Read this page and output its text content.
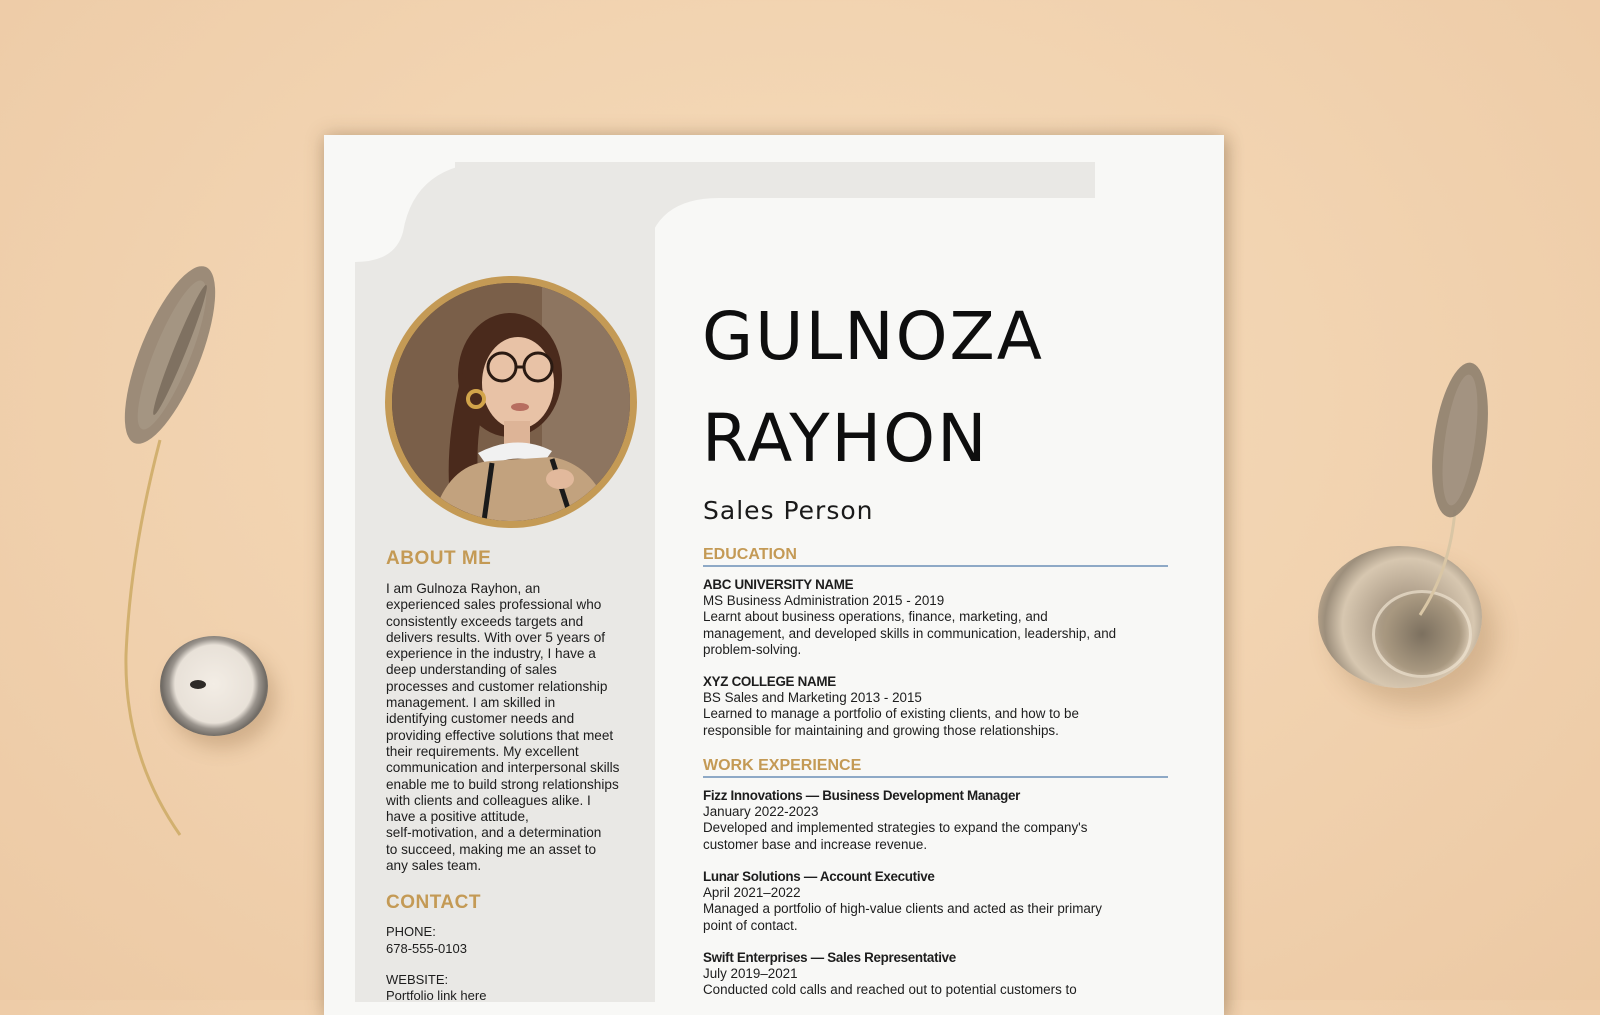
ABOUT ME
I am Gulnoza Rayhon, an
experienced sales professional who
consistently exceeds targets and
delivers results. With over 5 years of
experience in the industry, I have a
deep understanding of sales
processes and customer relationship
management. I am skilled in
identifying customer needs and
providing effective solutions that meet
their requirements. My excellent
communication and interpersonal skills
enable me to build strong relationships
with clients and colleagues alike. I
have a positive attitude,
self-motivation, and a determination
to succeed, making me an asset to
any sales team.
CONTACT
PHONE:
678-555-0103
WEBSITE:
Portfolio link here
GULNOZA
RAYHON
Sales Person
EDUCATION
ABC UNIVERSITY NAME
MS Business Administration 2015 - 2019
Learnt about business operations, finance, marketing, and
management, and developed skills in communication, leadership, and
problem-solving.
XYZ COLLEGE NAME
BS Sales and Marketing 2013 - 2015
Learned to manage a portfolio of existing clients, and how to be
responsible for maintaining and growing those relationships.
WORK EXPERIENCE
Fizz Innovations — Business Development Manager
January 2022-2023
Developed and implemented strategies to expand the company's
customer base and increase revenue.
Lunar Solutions — Account Executive
April 2021–2022
Managed a portfolio of high-value clients and acted as their primary
point of contact.
Swift Enterprises — Sales Representative
July 2019–2021
Conducted cold calls and reached out to potential customers to
